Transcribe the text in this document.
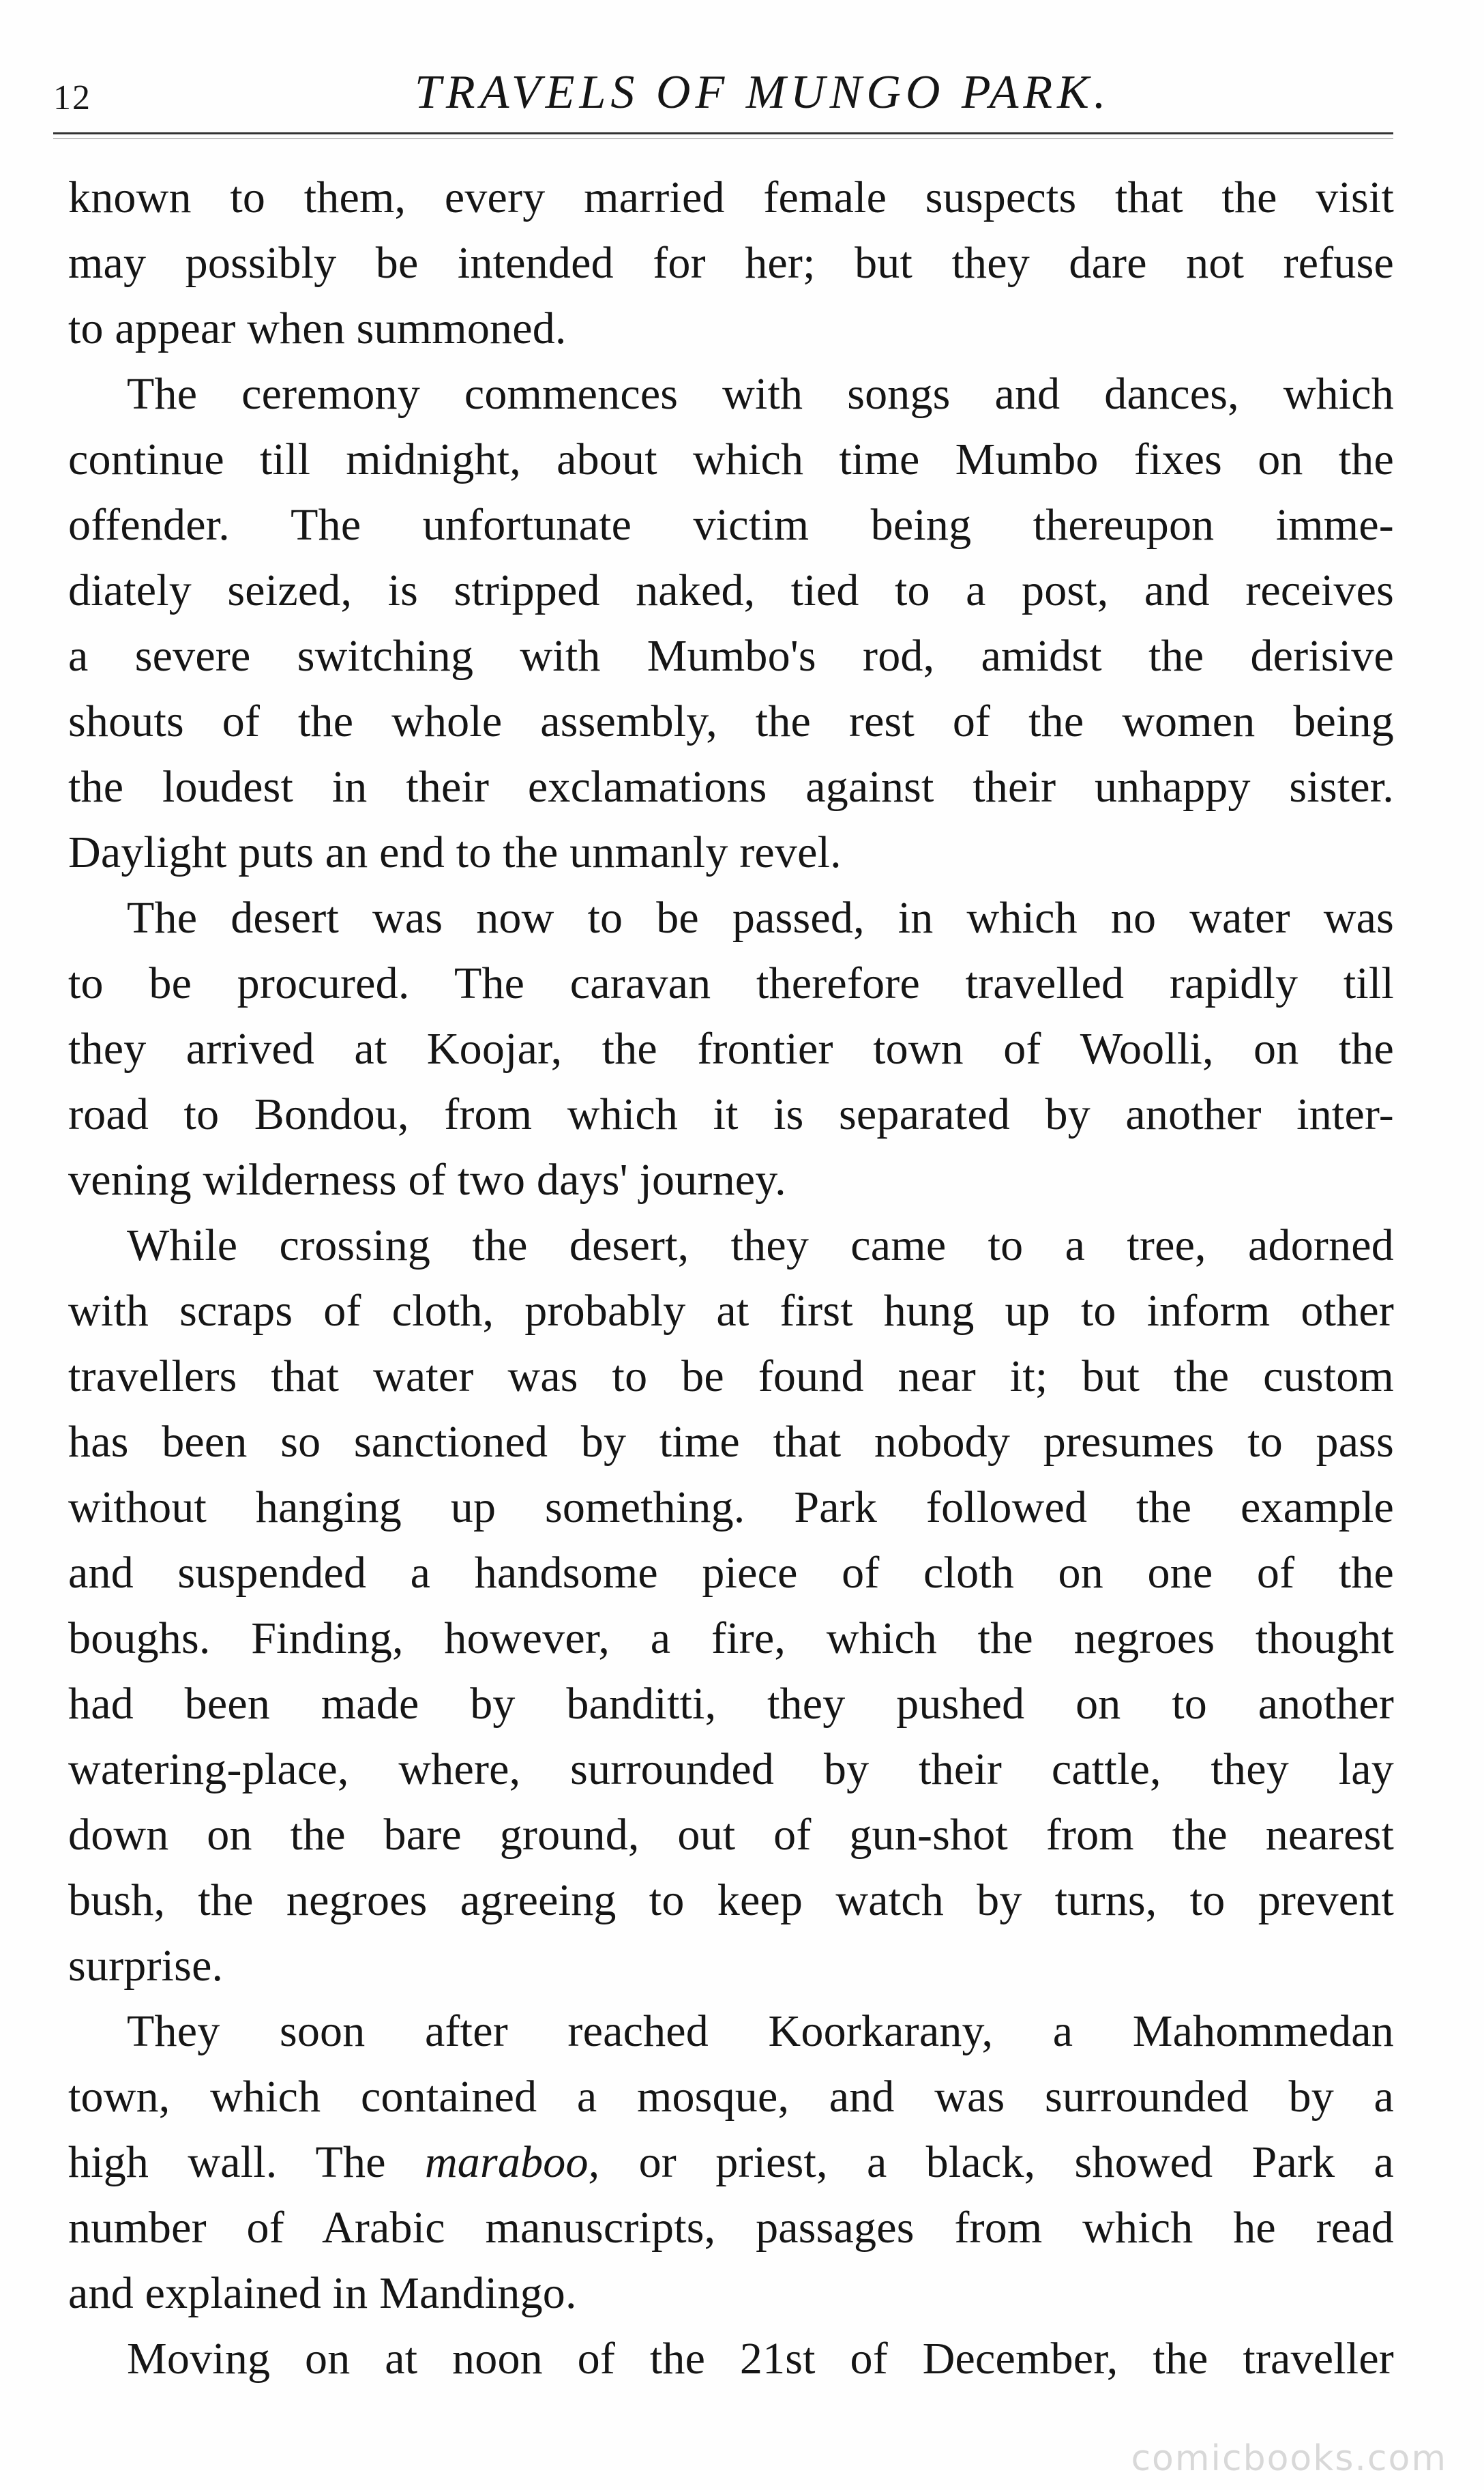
12	TRAVELS OF MUNGO PARK.
known to them, every married female suspects that the visit
may possibly be intended for her; but they dare not refuse
to appear when summoned.
The ceremony commences with songs and dances, which
continue till midnight, about which time Mumbo fixes on the
offender. The unfortunate victim being thereupon imme-
diately seized, is stripped naked, tied to a post, and receives
a severe switching with Mumbo's rod, amidst the derisive
shouts of the whole assembly, the rest of the women being
the loudest in their exclamations against their unhappy sister.
Daylight puts an end to the unmanly revel.
The desert was now to be passed, in which no water was
to be procured. The caravan therefore travelled rapidly till
they arrived at Koojar, the frontier town of Woolli, on the
road to Bondou, from which it is separated by another inter-
vening wilderness of two days' journey.
While crossing the desert, they came to a tree, adorned
with scraps of cloth, probably at first hung up to inform other
travellers that water was to be found near it; but the custom
has been so sanctioned by time that nobody presumes to pass
without hanging up something. Park followed the example
and suspended a handsome piece of cloth on one of the
boughs. Finding, however, a fire, which the negroes thought
had been made by banditti, they pushed on to another
watering-place, where, surrounded by their cattle, they lay
down on the bare ground, out of gun-shot from the nearest
bush, the negroes agreeing to keep watch by turns, to prevent
surprise.
They soon after reached Koorkarany, a Mahommedan
town, which contained a mosque, and was surrounded by a
high wall. The maraboo, or priest, a black, showed Park a
number of Arabic manuscripts, passages from which he read
and explained in Mandingo.
Moving on at noon of the 21st of December, the traveller
comicbooks.com
